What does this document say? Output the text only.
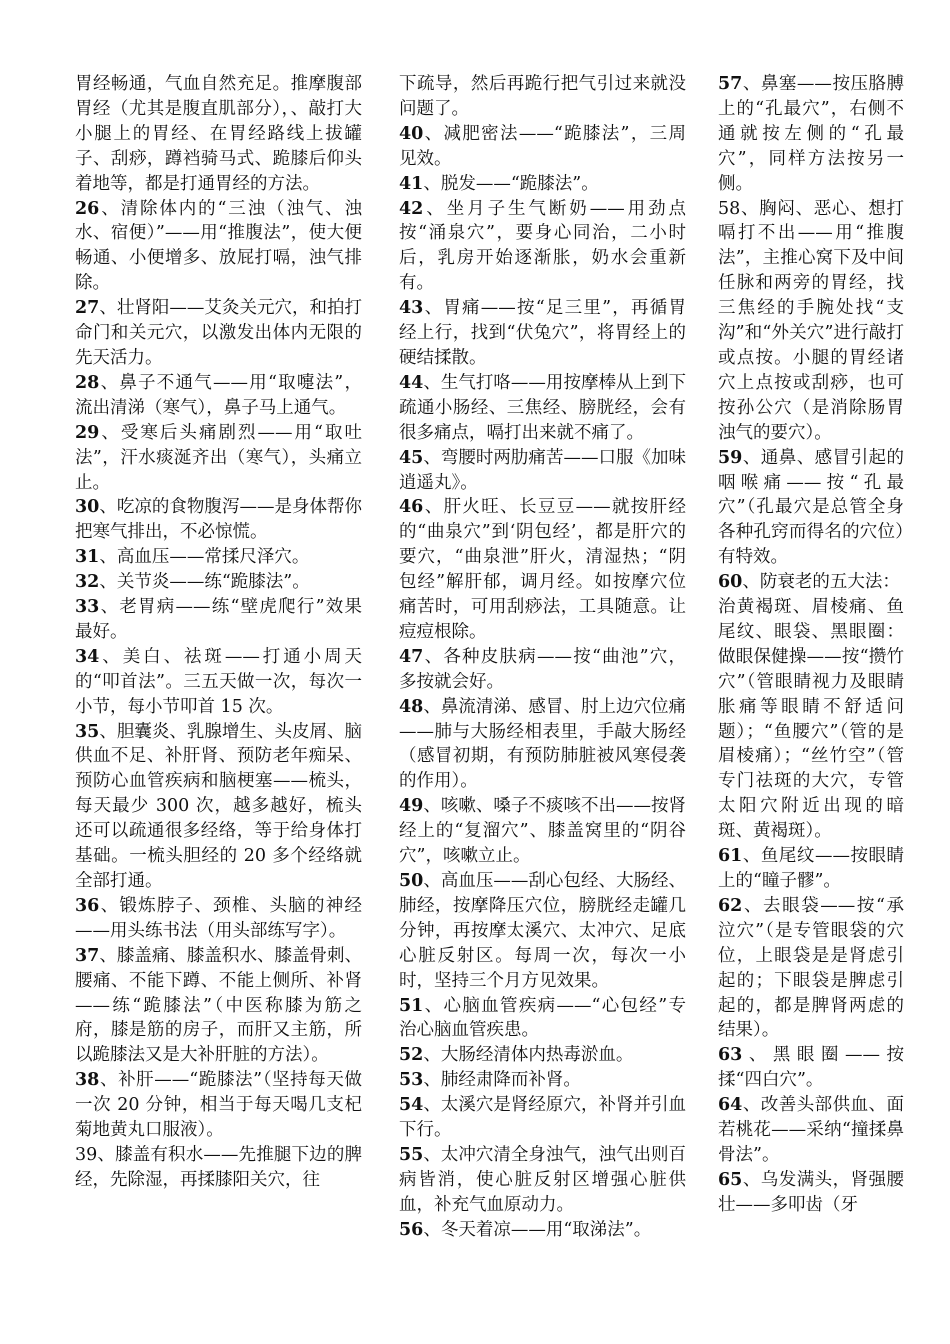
胃经畅通，气血自然充足。推摩腹部胃经（尤其是腹直肌部分），、敲打大小腿上的胃经、在胃经路线上拔罐子、刮痧，蹲裆骑马式、跪膝后仰头着地等，都是打通胃经的方法。

26、清除体内的“三浊（浊气、浊水、宿便）”——用“推腹法”，使大便畅通、小便增多、放屁打嗝，浊气排除。

27、壮肾阳——艾灸关元穴，和拍打命门和关元穴，以激发出体内无限的先天活力。

28、鼻子不通气——用“取嚏法”，流出清涕（寒气），鼻子马上通气。

29、受寒后头痛剧烈——用“取吐法”，汗水痰涎齐出（寒气），头痛立止。

30、吃凉的食物腹泻——是身体帮你把寒气排出，不必惊慌。

31、高血压——常揉尺泽穴。

32、关节炎——练“跪膝法”。

33、老胃病——练“壁虎爬行”效果最好。

34、美白、祛斑——打通小周天的“叩首法”。三五天做一次，每次一小节，每小节叩首 15 次。

35、胆囊炎、乳腺增生、头皮屑、脑供血不足、补肝肾、预防老年痴呆、预防心血管疾病和脑梗塞——梳头，每天最少 300 次，越多越好，梳头还可以疏通很多经络，等于给身体打基础。一梳头胆经的 20 多个经络就全部打通。

36、锻炼脖子、颈椎、头脑的神经——用头练书法（用头部练写字）。

37、膝盖痛、膝盖积水、膝盖骨刺、腰痛、不能下蹲、不能上侧所、补肾——练“跪膝法”（中医称膝为筋之府，膝是筋的房子，而肝又主筋，所以跪膝法又是大补肝脏的方法）。

38、补肝——“跪膝法”（坚持每天做一次 20 分钟，相当于每天喝几支杞菊地黄丸口服液）。

39、膝盖有积水——先推腿下边的脾经，先除湿，再揉膝阳关穴，往

下疏导，然后再跪行把气引过来就没问题了。

40、减肥密法——“跪膝法”，三周见效。

41、脱发——“跪膝法”。

42、坐月子生气断奶——用劲点按“涌泉穴”，要身心同治，二小时后，乳房开始逐渐胀，奶水会重新有。

43、胃痛——按“足三里”，再循胃经上行，找到“伏兔穴”，将胃经上的硬结揉散。

44、生气打咯——用按摩棒从上到下疏通小肠经、三焦经、膀胱经，会有很多痛点，嗝打出来就不痛了。

45、弯腰时两肋痛苦——口服《加味逍遥丸》。

46、肝火旺、长豆豆——就按肝经的“曲泉穴”到‘阴包经’，都是肝穴的要穴，“曲泉泄”肝火，清湿热；“阴包经”解肝郁，调月经。如按摩穴位痛苦时，可用刮痧法，工具随意。让痘痘根除。

47、各种皮肤病——按“曲池”穴，多按就会好。

48、鼻流清涕、感冒、肘上边穴位痛——肺与大肠经相表里，手敲大肠经（感冒初期，有预防肺脏被风寒侵袭的作用）。

49、咳嗽、嗓子不痰咳不出——按肾经上的“复溜穴”、膝盖窝里的“阴谷穴”，咳嗽立止。

50、高血压——刮心包经、大肠经、肺经，按摩降压穴位，膀胱经走罐几分钟，再按摩太溪穴、太冲穴、足底心脏反射区。每周一次，每次一小时，坚持三个月方见效果。

51、心脑血管疾病——“心包经”专治心脑血管疾患。

52、大肠经清体内热毒淤血。

53、肺经肃降而补肾。

54、太溪穴是肾经原穴，补肾并引血下行。

55、太冲穴清全身浊气，浊气出则百病皆消，使心脏反射区增强心脏供血，补充气血原动力。

56、冬天着凉——用“取涕法”。

57、鼻塞——按压胳膊上的“孔最穴”，右侧不通就按左侧的“孔最穴”，同样方法按另一侧。

58、胸闷、恶心、想打嗝打不出——用“推腹法”，主推心窝下及中间任脉和两旁的胃经，找三焦经的手腕处找“支沟”和“外关穴”进行敲打或点按。小腿的胃经诸穴上点按或刮痧，也可按孙公穴（是消除肠胃浊气的要穴）。

59、通鼻、感冒引起的咽喉痛——按“孔最穴”（孔最穴是总管全身各种孔窍而得名的穴位）有特效。

60、防衰老的五大法：

治黄褐斑、眉棱痛、鱼尾纹、眼袋、黑眼圈：做眼保健操——按“攒竹穴”（管眼睛视力及眼睛胀痛等眼睛不舒适问题）；“鱼腰穴”（管的是眉棱痛）；“丝竹空”（管专门祛斑的大穴，专管太阳穴附近出现的暗斑、黄褐斑）。

61、鱼尾纹——按眼睛上的“瞳子髎”。

62、去眼袋——按“承泣穴”（是专管眼袋的穴位，上眼袋是是肾虑引起的；下眼袋是脾虑引起的，都是脾肾两虑的结果）。

63、黑眼圈——按揉“四白穴”。

64、改善头部供血、面若桃花——采纳“撞揉鼻骨法”。

65、乌发满头，肾强腰壮——多叩齿（牙
